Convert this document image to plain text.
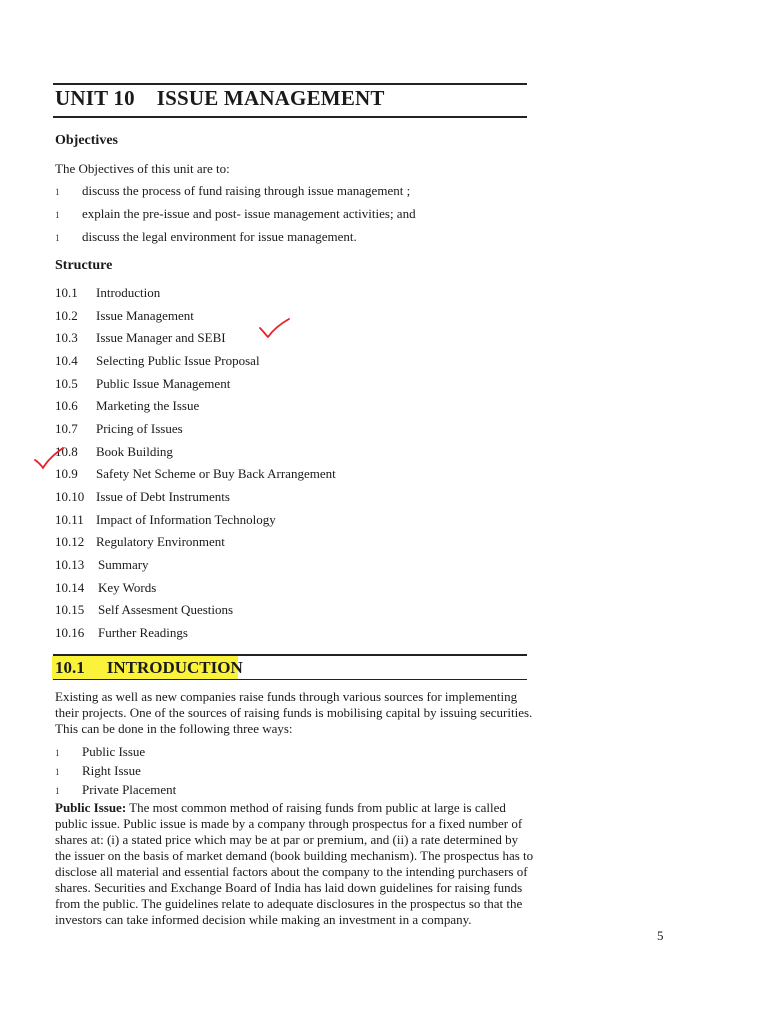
UNIT 10 ISSUE MANAGEMENT
Objectives
The Objectives of this unit are to:
1 discuss the process of fund raising through issue management ;
1 explain the pre-issue and post- issue management activities; and
1 discuss the legal environment for issue management.
Structure
10.1 Introduction
10.2 Issue Management
10.3 Issue Manager and SEBI
10.4 Selecting Public Issue Proposal
10.5 Public Issue Management
10.6 Marketing the Issue
10.7 Pricing of Issues
10.8 Book Building
10.9 Safety Net Scheme or Buy Back Arrangement
10.10 Issue of Debt Instruments
10.11 Impact of Information Technology
10.12 Regulatory Environment
10.13 Summary
10.14 Key Words
10.15 Self Assesment Questions
10.16 Further Readings
10.1 INTRODUCTION
Existing as well as new companies raise funds through various sources for implementing their projects. One of the sources of raising funds is mobilising capital by issuing securities. This can be done in the following three ways:
1 Public Issue
1 Right Issue
1 Private Placement
Public Issue: The most common method of raising funds from public at large is called public issue. Public issue is made by a company through prospectus for a fixed number of shares at: (i) a stated price which may be at par or premium, and (ii) a rate determined by the issuer on the basis of market demand (book building mechanism). The prospectus has to disclose all material and essential factors about the company to the intending purchasers of shares. Securities and Exchange Board of India has laid down guidelines for raising funds from the public. The guidelines relate to adequate disclosures in the prospectus so that the investors can take informed decision while making an investment in a company.
5
